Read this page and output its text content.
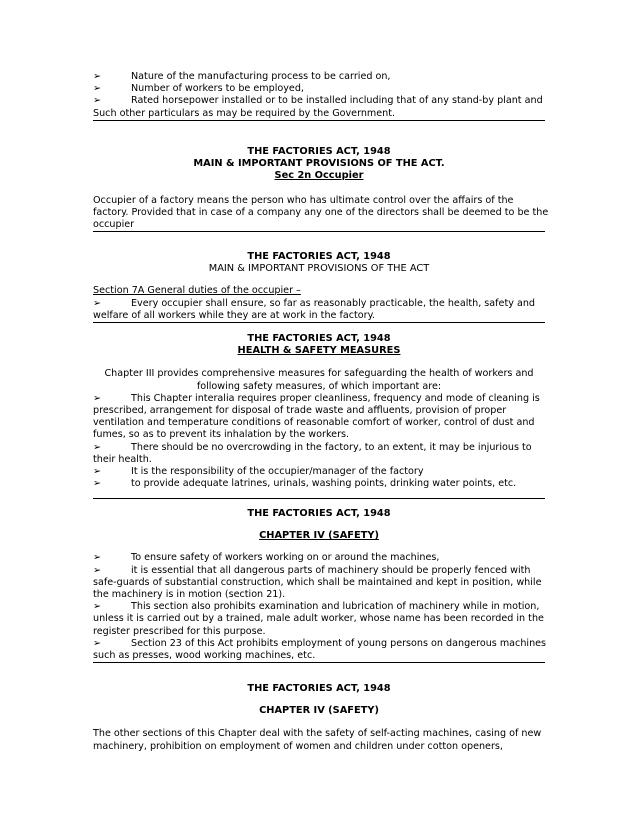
➢	Nature of the manufacturing process to be carried on,
➢	Number of workers to be employed,
➢	Rated horsepower installed or to be installed including that of any stand-by plant and
Such other particulars as may be required by the Government.
THE FACTORIES ACT, 1948
MAIN & IMPORTANT PROVISIONS OF THE ACT.
Sec 2n Occupier
Occupier of a factory means the person who has ultimate control over the affairs of the
factory. Provided that in case of a company any one of the directors shall be deemed to be the
occupier
THE FACTORIES ACT, 1948
MAIN & IMPORTANT PROVISIONS OF THE ACT
Section 7A General duties of the occupier –
➢	Every occupier shall ensure, so far as reasonably practicable, the health, safety and
welfare of all workers while they are at work in the factory.
THE FACTORIES ACT, 1948
HEALTH & SAFETY MEASURES
Chapter III provides comprehensive measures for safeguarding the health of workers and
following safety measures, of which important are:
➢	This Chapter interalia requires proper cleanliness, frequency and mode of cleaning is
prescribed, arrangement for disposal of trade waste and affluents, provision of proper
ventilation and temperature conditions of reasonable comfort of worker, control of dust and
fumes, so as to prevent its inhalation by the workers.
➢	There should be no overcrowding in the factory, to an extent, it may be injurious to
their health.
➢	It is the responsibility of the occupier/manager of the factory
➢	to provide adequate latrines, urinals, washing points, drinking water points, etc.
THE FACTORIES ACT, 1948
CHAPTER IV (SAFETY)
➢	To ensure safety of workers working on or around the machines,
➢	it is essential that all dangerous parts of machinery should be properly fenced with
safe-guards of substantial construction, which shall be maintained and kept in position, while
the machinery is in motion (section 21).
➢	This section also prohibits examination and lubrication of machinery while in motion,
unless it is carried out by a trained, male adult worker, whose name has been recorded in the
register prescribed for this purpose.
➢	Section 23 of this Act prohibits employment of young persons on dangerous machines
such as presses, wood working machines, etc.
THE FACTORIES ACT, 1948
CHAPTER IV (SAFETY)
The other sections of this Chapter deal with the safety of self-acting machines, casing of new
machinery, prohibition on employment of women and children under cotton openers,
